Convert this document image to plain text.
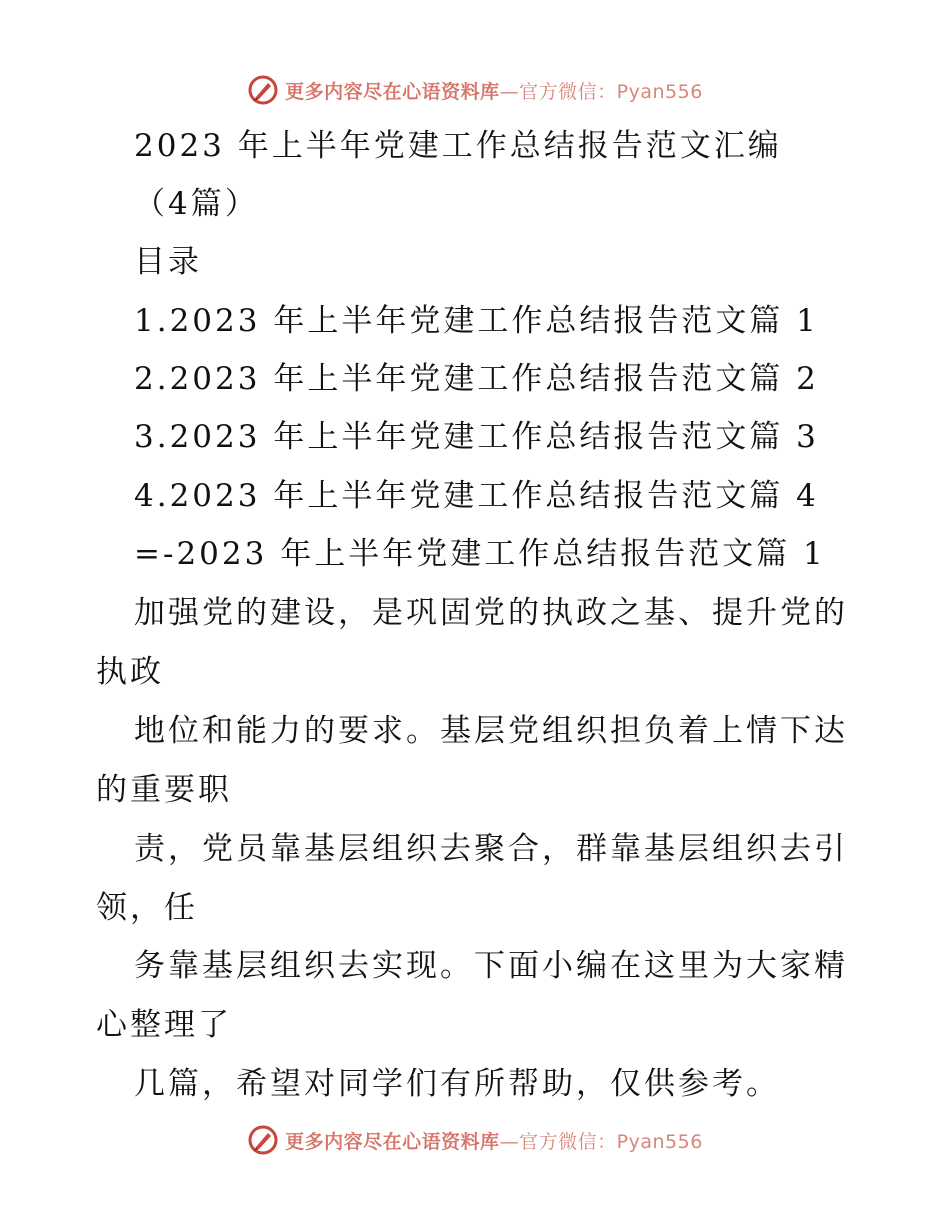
更多内容尽在心语资料库—官方微信：Pyan556
2023 年上半年党建工作总结报告范文汇编
（4篇）
目录
1.2023 年上半年党建工作总结报告范文篇 1
2.2023 年上半年党建工作总结报告范文篇 2
3.2023 年上半年党建工作总结报告范文篇 3
4.2023 年上半年党建工作总结报告范文篇 4
=-2023 年上半年党建工作总结报告范文篇 1
加强党的建设，是巩固党的执政之基、提升党的
执政
地位和能力的要求。基层党组织担负着上情下达
的重要职
责，党员靠基层组织去聚合，群靠基层组织去引
领，任
务靠基层组织去实现。下面小编在这里为大家精
心整理了
几篇，希望对同学们有所帮助，仅供参考。
更多内容尽在心语资料库—官方微信：Pyan556
